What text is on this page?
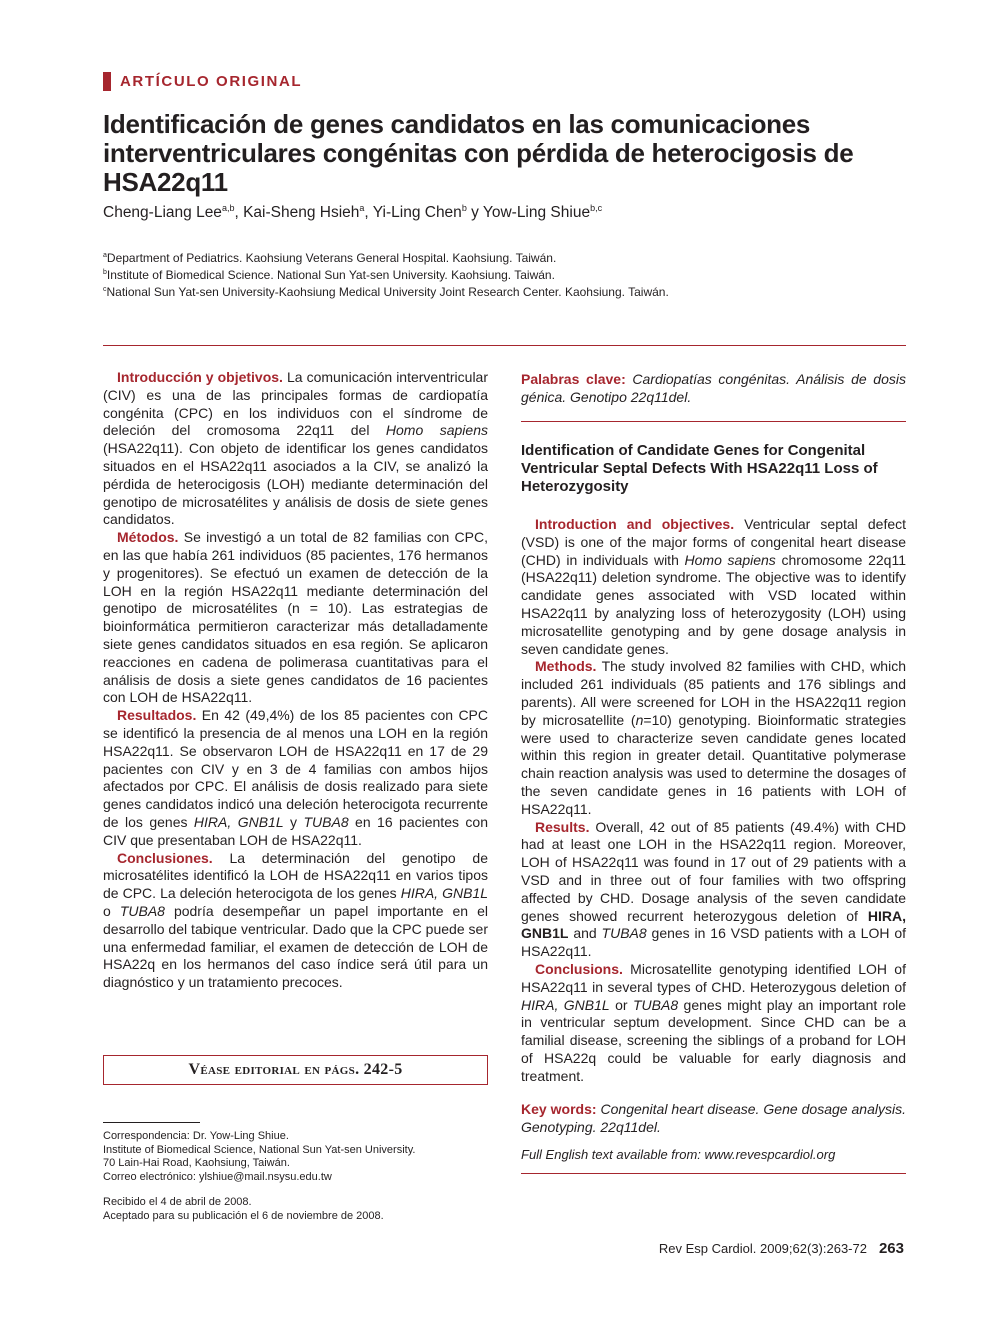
ARTÍCULO ORIGINAL
Identificación de genes candidatos en las comunicaciones interventriculares congénitas con pérdida de heterocigosis de HSA22q11
Cheng-Liang Lee$^{a,b}$, Kai-Sheng Hsieh$^a$, Yi-Ling Chen$^b$ y Yow-Ling Shiue$^{b,c}$
$^a$Department of Pediatrics. Kaohsiung Veterans General Hospital. Kaohsiung. Taiwán.
$^b$Institute of Biomedical Science. National Sun Yat-sen University. Kaohsiung. Taiwán.
$^c$National Sun Yat-sen University-Kaohsiung Medical University Joint Research Center. Kaohsiung. Taiwán.

Introducción y objetivos. La comunicación interventricular (CIV) es una de las principales formas de cardiopatía congénita (CPC) en los individuos con el síndrome de deleción del cromosoma 22q11 del Homo sapiens (HSA22q11). Con objeto de identificar los genes candidatos situados en el HSA22q11 asociados a la CIV, se analizó la pérdida de heterocigosis (LOH) mediante determinación del genotipo de microsatélites y análisis de dosis de siete genes candidatos.

Métodos. Se investigó a un total de 82 familias con CPC, en las que había 261 individuos (85 pacientes, 176 hermanos y progenitores). Se efectuó un examen de detección de la LOH en la región HSA22q11 mediante determinación del genotipo de microsatélites (n = 10). Las estrategias de bioinformática permitieron caracterizar más detalladamente siete genes candidatos situados en esa región. Se aplicaron reacciones en cadena de polimerasa cuantitativas para el análisis de dosis a siete genes candidatos de 16 pacientes con LOH de HSA22q11.

Resultados. En 42 (49,4%) de los 85 pacientes con CPC se identificó la presencia de al menos una LOH en la región HSA22q11. Se observaron LOH de HSA22q11 en 17 de 29 pacientes con CIV y en 3 de 4 familias con ambos hijos afectados por CPC. El análisis de dosis realizado para siete genes candidatos indicó una deleción heterocigota recurrente de los genes HIRA, GNB1L y TUBA8 en 16 pacientes con CIV que presentaban LOH de HSA22q11.

Conclusiones. La determinación del genotipo de microsatélites identificó la LOH de HSA22q11 en varios tipos de CPC. La deleción heterocigota de los genes HIRA, GNB1L o TUBA8 podría desempeñar un papel importante en el desarrollo del tabique ventricular. Dado que la CPC puede ser una enfermedad familiar, el examen de detección de LOH de HSA22q en los hermanos del caso índice será útil para un diagnóstico y un tratamiento precoces.

Véase editorial en págs. 242-5
Correspondencia: Dr. Yow-Ling Shiue.
Institute of Biomedical Science, National Sun Yat-sen University.
70 Lain-Hai Road, Kaohsiung, Taiwán.
Correo electrónico: ylshiue@mail.nsysu.edu.tw
Recibido el 4 de abril de 2008.
Aceptado para su publicación el 6 de noviembre de 2008.

Palabras clave: Cardiopatías congénitas. Análisis de dosis génica. Genotipo 22q11del.

Identification of Candidate Genes for Congenital Ventricular Septal Defects With HSA22q11 Loss of Heterozygosity

Introduction and objectives. Ventricular septal defect (VSD) is one of the major forms of congenital heart disease (CHD) in individuals with Homo sapiens chromosome 22q11 (HSA22q11) deletion syndrome. The objective was to identify candidate genes associated with VSD located within HSA22q11 by analyzing loss of heterozygosity (LOH) using microsatellite genotyping and by gene dosage analysis in seven candidate genes.

Methods. The study involved 82 families with CHD, which included 261 individuals (85 patients and 176 siblings and parents). All were screened for LOH in the HSA22q11 region by microsatellite (n=10) genotyping. Bioinformatic strategies were used to characterize seven candidate genes located within this region in greater detail. Quantitative polymerase chain reaction analysis was used to determine the dosages of the seven candidate genes in 16 patients with LOH of HSA22q11.

Results. Overall, 42 out of 85 patients (49.4%) with CHD had at least one LOH in the HSA22q11 region. Moreover, LOH of HSA22q11 was found in 17 out of 29 patients with a VSD and in three out of four families with two offspring affected by CHD. Dosage analysis of the seven candidate genes showed recurrent heterozygous deletion of HIRA, GNB1L and TUBA8 genes in 16 VSD patients with a LOH of HSA22q11.

Conclusions. Microsatellite genotyping identified LOH of HSA22q11 in several types of CHD. Heterozygous deletion of HIRA, GNB1L or TUBA8 genes might play an important role in ventricular septum development. Since CHD can be a familial disease, screening the siblings of a proband for LOH of HSA22q could be valuable for early diagnosis and treatment.

Key words: Congenital heart disease. Gene dosage analysis. Genotyping. 22q11del.

Full English text available from: www.revespcardiol.org
Rev Esp Cardiol. 2009;62(3):263-72 263
